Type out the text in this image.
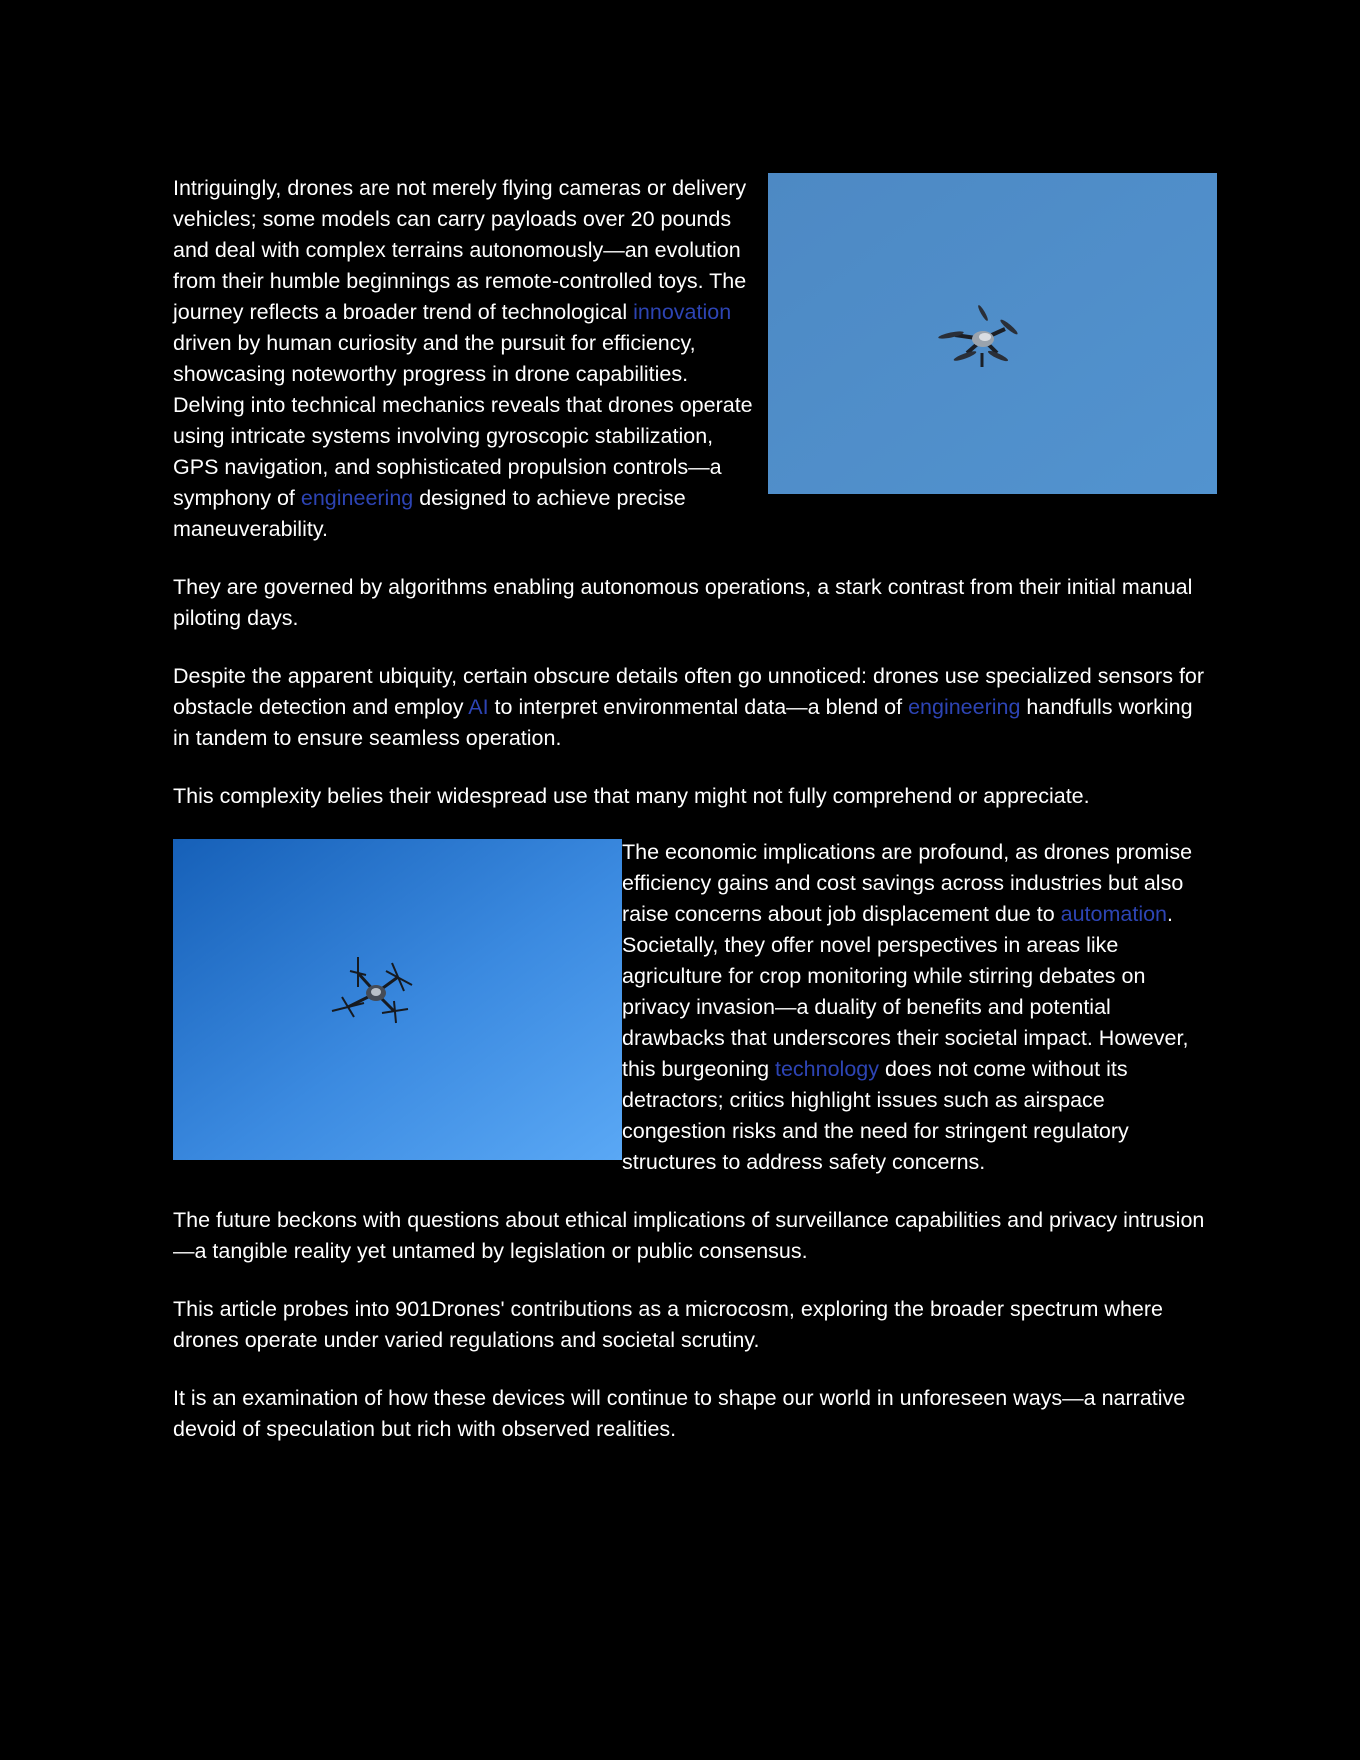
Intriguingly, drones are not merely flying cameras or delivery vehicles; some models can carry payloads over 20 pounds and deal with complex terrains autonomously—an evolution from their humble beginnings as remote-controlled toys. The journey reflects a broader trend of technological innovation driven by human curiosity and the pursuit for efficiency, showcasing noteworthy progress in drone capabilities. Delving into technical mechanics reveals that drones operate using intricate systems involving gyroscopic stabilization, GPS navigation, and sophisticated propulsion controls—a symphony of engineering designed to achieve precise maneuverability.

They are governed by algorithms enabling autonomous operations, a stark contrast from their initial manual piloting days.

Despite the apparent ubiquity, certain obscure details often go unnoticed: drones use specialized sensors for obstacle detection and employ AI to interpret environmental data—a blend of engineering handfulls working in tandem to ensure seamless operation.

This complexity belies their widespread use that many might not fully comprehend or appreciate.

The economic implications are profound, as drones promise efficiency gains and cost savings across industries but also raise concerns about job displacement due to automation. Societally, they offer novel perspectives in areas like agriculture for crop monitoring while stirring debates on privacy invasion—a duality of benefits and potential drawbacks that underscores their societal impact. However, this burgeoning technology does not come without its detractors; critics highlight issues such as airspace congestion risks and the need for stringent regulatory structures to address safety concerns.

The future beckons with questions about ethical implications of surveillance capabilities and privacy intrusion—a tangible reality yet untamed by legislation or public consensus.

This article probes into 901Drones' contributions as a microcosm, exploring the broader spectrum where drones operate under varied regulations and societal scrutiny.

It is an examination of how these devices will continue to shape our world in unforeseen ways—a narrative devoid of speculation but rich with observed realities.
